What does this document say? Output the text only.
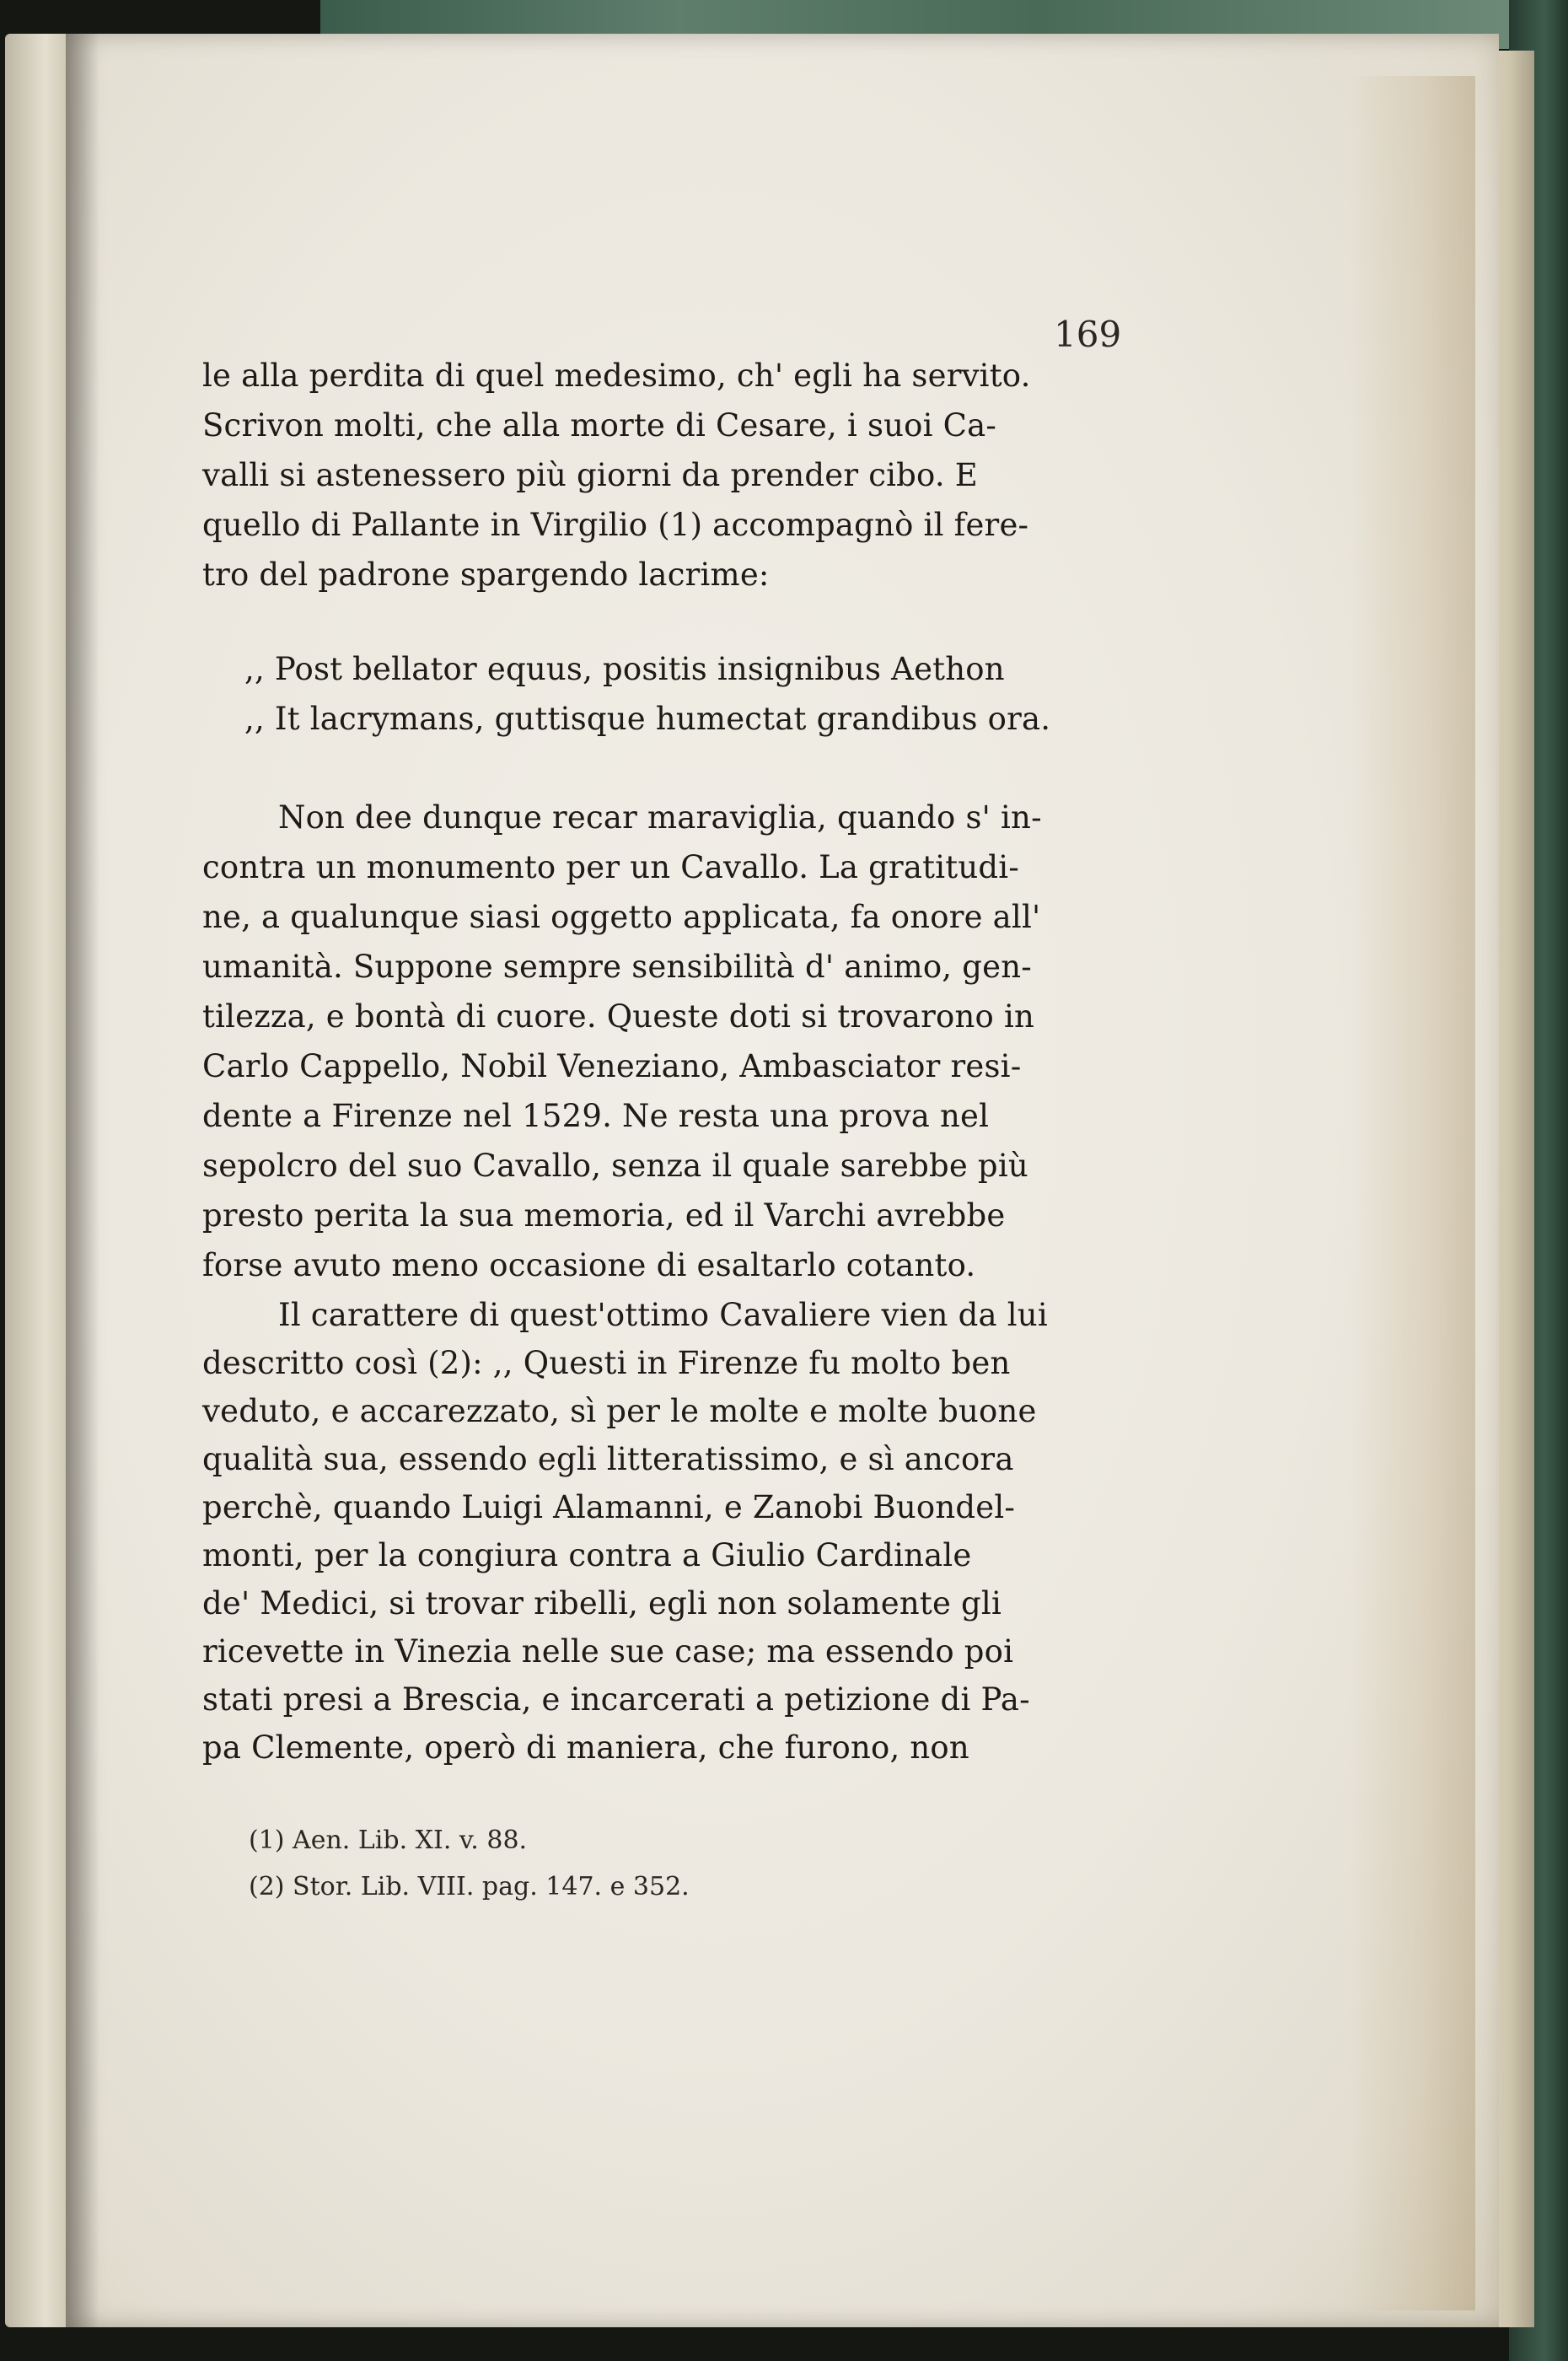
169
le alla perdita di quel medesimo, ch' egli ha servito.
Scrivon molti, che alla morte di Cesare, i suoi Ca-
valli si astenessero più giorni da prender cibo. E
quello di Pallante in Virgilio (1) accompagnò il fere-
tro del padrone spargendo lacrime:
,, Post bellator equus, positis insignibus Aethon
,, It lacrymans, guttisque humectat grandibus ora.
Non dee dunque recar maraviglia, quando s' in-
contra un monumento per un Cavallo. La gratitudi-
ne, a qualunque siasi oggetto applicata, fa onore all'
umanità. Suppone sempre sensibilità d' animo, gen-
tilezza, e bontà di cuore. Queste doti si trovarono in
Carlo Cappello, Nobil Veneziano, Ambasciator resi-
dente a Firenze nel 1529. Ne resta una prova nel
sepolcro del suo Cavallo, senza il quale sarebbe più
presto perita la sua memoria, ed il Varchi avrebbe
forse avuto meno occasione di esaltarlo cotanto.
Il carattere di quest'ottimo Cavaliere vien da lui
descritto così (2): ,, Questi in Firenze fu molto ben
veduto, e accarezzato, sì per le molte e molte buone
qualità sua, essendo egli litteratissimo, e sì ancora
perchè, quando Luigi Alamanni, e Zanobi Buondel-
monti, per la congiura contra a Giulio Cardinale
de' Medici, si trovar ribelli, egli non solamente gli
ricevette in Vinezia nelle sue case; ma essendo poi
stati presi a Brescia, e incarcerati a petizione di Pa-
pa Clemente, operò di maniera, che furono, non
(1) Aen. Lib. XI. v. 88.
(2) Stor. Lib. VIII. pag. 147. e 352.
